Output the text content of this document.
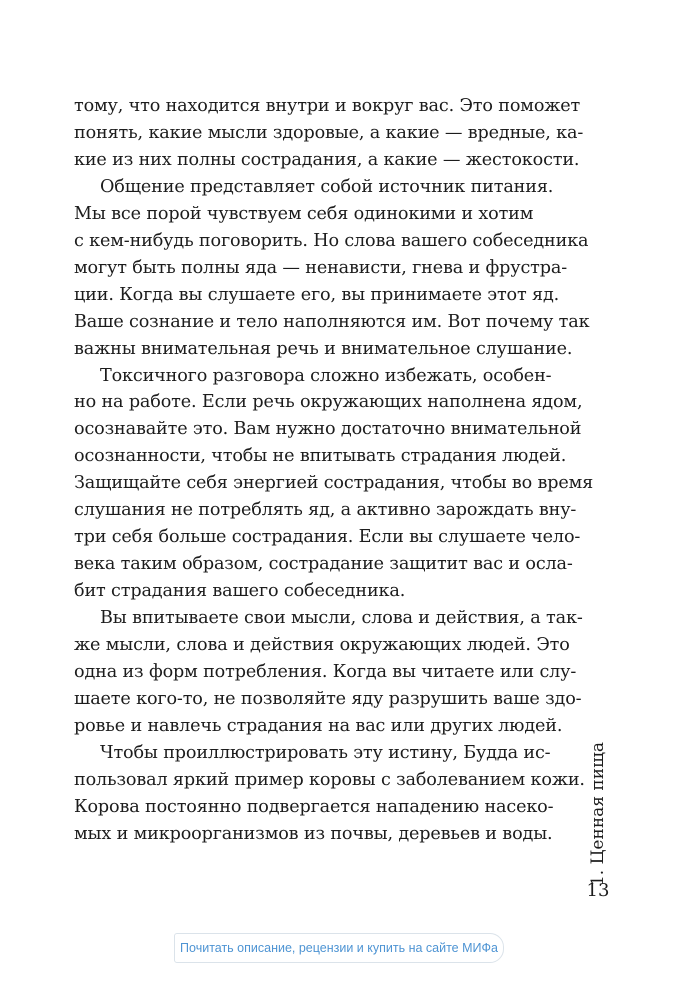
тому, что находится внутри и вокруг вас. Это поможет
понять, какие мысли здоровые, а какие — вредные, ка-
кие из них полны сострадания, а какие — жестокости.
Общение представляет собой источник питания.
Мы все порой чувствуем себя одинокими и хотим
с кем-нибудь поговорить. Но слова вашего собеседника
могут быть полны яда — ненависти, гнева и фрустра-
ции. Когда вы слушаете его, вы принимаете этот яд.
Ваше сознание и тело наполняются им. Вот почему так
важны внимательная речь и внимательное слушание.
Токсичного разговора сложно избежать, особен-
но на работе. Если речь окружающих наполнена ядом,
осознавайте это. Вам нужно достаточно внимательной
осознанности, чтобы не впитывать страдания людей.
Защищайте себя энергией сострадания, чтобы во время
слушания не потреблять яд, а активно зарождать вну-
три себя больше сострадания. Если вы слушаете чело-
века таким образом, сострадание защитит вас и осла-
бит страдания вашего собеседника.
Вы впитываете свои мысли, слова и действия, а так-
же мысли, слова и действия окружающих людей. Это
одна из форм потребления. Когда вы читаете или слу-
шаете кого-то, не позволяйте яду разрушить ваше здо-
ровье и навлечь страдания на вас или других людей.
Чтобы проиллюстрировать эту истину, Будда ис-
пользовал яркий пример коровы с заболеванием кожи.
Корова постоянно подвергается нападению насеко-
мых и микроорганизмов из почвы, деревьев и воды. 1. Ценная пища
13
Почитать описание, рецензии и купить на сайте МИФа
